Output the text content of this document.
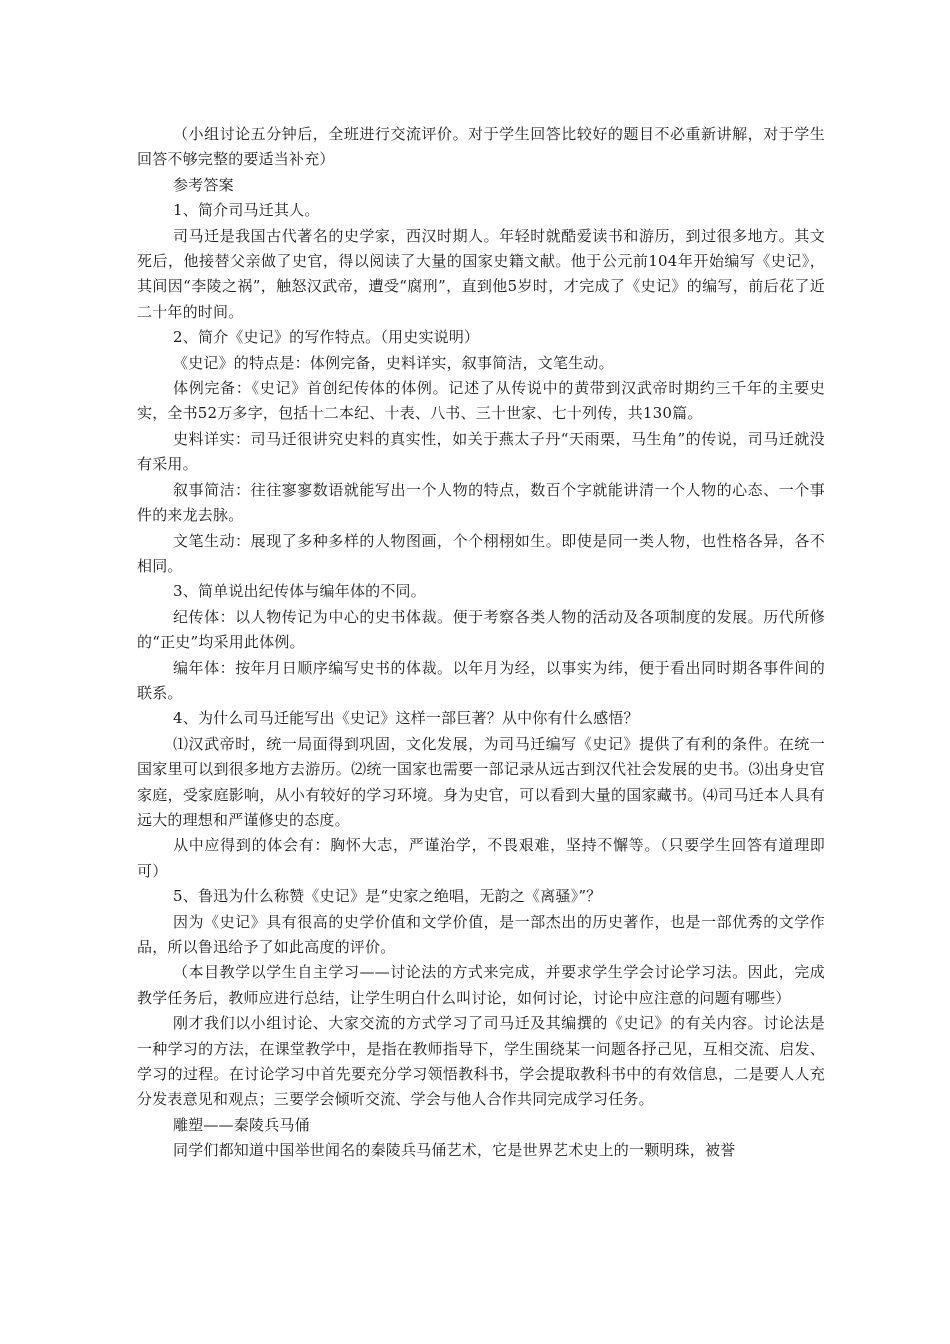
（小组讨论五分钟后，全班进行交流评价。对于学生回答比较好的题目不必重新讲解，对于学生回答不够完整的要适当补充）

参考答案

1、简介司马迁其人。

司马迁是我国古代著名的史学家，西汉时期人。年轻时就酷爱读书和游历，到过很多地方。其文死后，他接替父亲做了史官，得以阅读了大量的国家史籍文献。他于公元前104年开始编写《史记》，其间因“李陵之祸”，触怒汉武帝，遭受“腐刑”，直到他5岁时，才完成了《史记》的编写，前后花了近二十年的时间。

2、简介《史记》的写作特点。（用史实说明）

《史记》的特点是：体例完备，史料详实，叙事简洁，文笔生动。

体例完备：《史记》首创纪传体的体例。记述了从传说中的黄带到汉武帝时期约三千年的主要史实，全书52万多字，包括十二本纪、十表、八书、三十世家、七十列传，共130篇。

史料详实：司马迁很讲究史料的真实性，如关于燕太子丹“天雨栗，马生角”的传说，司马迁就没有采用。

叙事简洁：往往寥寥数语就能写出一个人物的特点，数百个字就能讲清一个人物的心态、一个事件的来龙去脉。

文笔生动：展现了多种多样的人物图画，个个栩栩如生。即使是同一类人物，也性格各异，各不相同。

3、简单说出纪传体与编年体的不同。

纪传体：以人物传记为中心的史书体裁。便于考察各类人物的活动及各项制度的发展。历代所修的“正史”均采用此体例。

编年体：按年月日顺序编写史书的体裁。以年月为经，以事实为纬，便于看出同时期各事件间的联系。

4、为什么司马迁能写出《史记》这样一部巨著？从中你有什么感悟？

⑴汉武帝时，统一局面得到巩固，文化发展，为司马迁编写《史记》提供了有利的条件。在统一国家里可以到很多地方去游历。⑵统一国家也需要一部记录从远古到汉代社会发展的史书。⑶出身史官家庭，受家庭影响，从小有较好的学习环境。身为史官，可以看到大量的国家藏书。⑷司马迁本人具有远大的理想和严谨修史的态度。

从中应得到的体会有：胸怀大志，严谨治学，不畏艰难，坚持不懈等。（只要学生回答有道理即可）

5、鲁迅为什么称赞《史记》是“史家之绝唱，无韵之《离骚》”？

因为《史记》具有很高的史学价值和文学价值，是一部杰出的历史著作，也是一部优秀的文学作品，所以鲁迅给予了如此高度的评价。

（本目教学以学生自主学习——讨论法的方式来完成，并要求学生学会讨论学习法。因此，完成教学任务后，教师应进行总结，让学生明白什么叫讨论，如何讨论，讨论中应注意的问题有哪些）

刚才我们以小组讨论、大家交流的方式学习了司马迁及其编撰的《史记》的有关内容。讨论法是一种学习的方法，在课堂教学中，是指在教师指导下，学生围绕某一问题各抒己见，互相交流、启发、学习的过程。在讨论学习中首先要充分学习领悟教科书，学会提取教科书中的有效信息，二是要人人充分发表意见和观点；三要学会倾听交流、学会与他人合作共同完成学习任务。

雕塑——秦陵兵马俑

同学们都知道中国举世闻名的秦陵兵马俑艺术，它是世界艺术史上的一颗明珠，被誉
